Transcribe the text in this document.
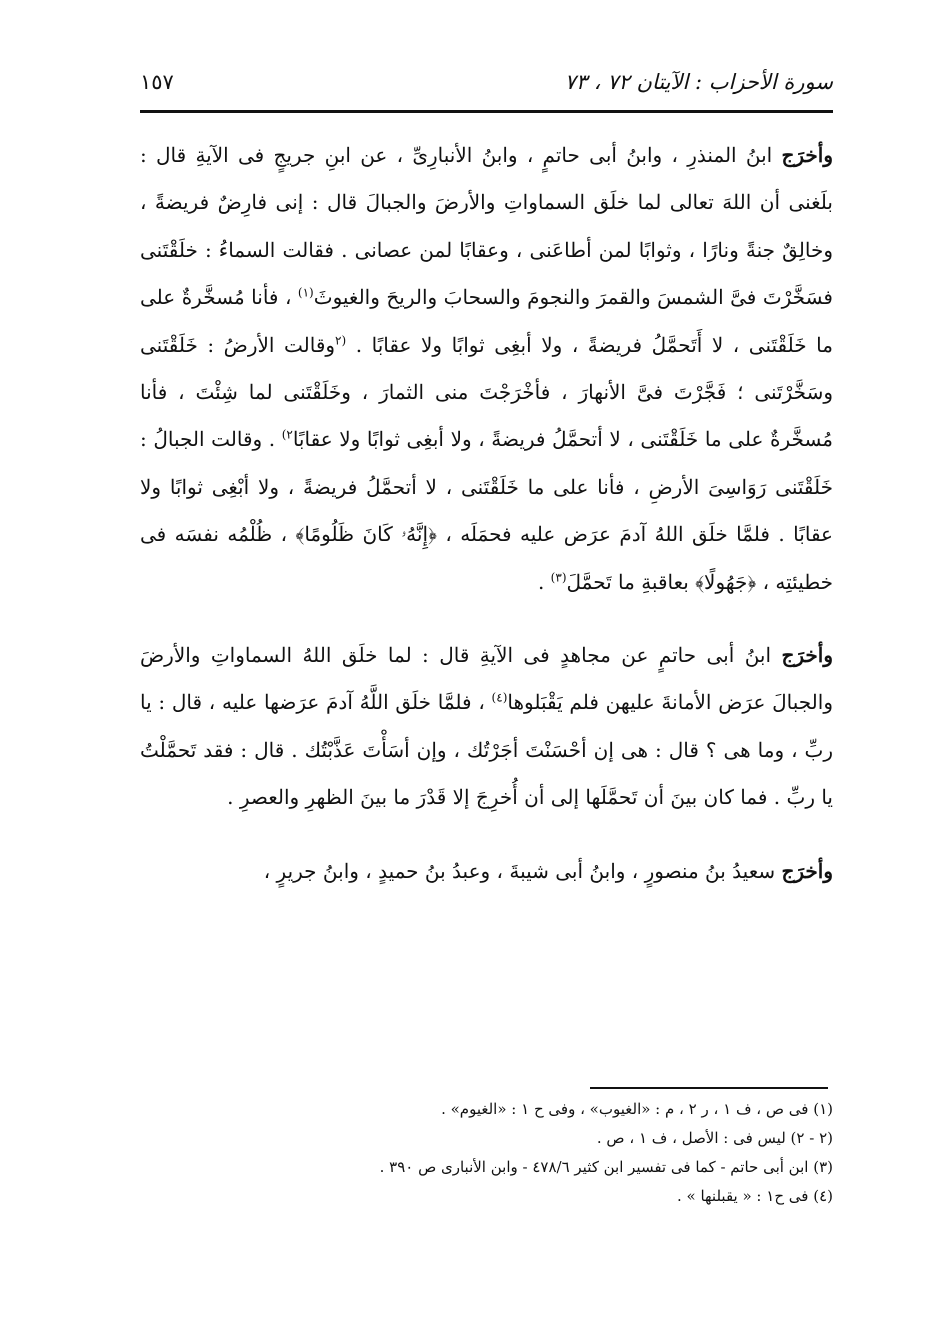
سورة الأحزاب : الآيتان ٧٢ ، ٧٣
١٥٧

وأخرَج ابنُ المنذرِ ، وابنُ أبى حاتمٍ ، وابنُ الأنبارِىِّ ، عن ابنِ جريجٍ فى الآيةِ قال : بلَغنى أن اللهَ تعالى لما خلَق السماواتِ والأرضَ والجبالَ قال : إنى فارِضٌ فريضةً ، وخالِقٌ جنةً ونارًا ، وثوابًا لمن أطاعَنى ، وعقابًا لمن عصانى . فقالت السماءُ : خلَقْتَنى فسَخَّرْتَ فىَّ الشمسَ والقمرَ والنجومَ والسحابَ والريحَ والغيوثَ$^{(١)}$ ، فأنا مُسخَّرةٌ على ما خَلَقْتَنى ، لا أَتَحمَّلُ فريضةً ، ولا أبغِى ثوابًا ولا عقابًا . $^{(٢}$وقالت الأرضُ : خَلَقْتَنى وسَخَّرْتَنى ؛ فَجَّرْتَ فىَّ الأنهارَ ، فأخْرَجْتَ منى الثمارَ ، وخَلَقْتَنى لما شِئْتَ ، فأنا مُسخَّرةٌ على ما خَلَقْتَنى ، لا أتحمَّلُ فريضةً ، ولا أبغِى ثوابًا ولا عقابًا$^{٢)}$ . وقالت الجبالُ : خَلَقْتَنى رَوَاسِىَ الأرضِ ، فأنا على ما خَلَقْتَنى ، لا أتحمَّلُ فريضةً ، ولا أبْغِى ثوابًا ولا عقابًا . فلمَّا خلَق اللهُ آدمَ عرَض عليه فحمَلَه ، ﴿إِنَّهُۥ كَانَ ظَلُومًا﴾ ، ظُلْمُه نفسَه فى خطيئتِه ، ﴿جَهُولًا﴾ بعاقبةِ ما تَحمَّلَ$^{(٣)}$ .

وأخرَج ابنُ أبى حاتمٍ عن مجاهدٍ فى الآيةِ قال : لما خلَق اللهُ السماواتِ والأرضَ والجبالَ عرَض الأمانةَ عليهن فلم يَقْبَلوها$^{(٤)}$ ، فلمَّا خلَق اللَّهُ آدمَ عرَضها عليه ، قال : يا ربِّ ، وما هى ؟ قال : هى إن أحْسَنْتَ أجَرْتُك ، وإن أسَأْتَ عَذَّبْتُك . قال : فقد تَحمَّلْتُ يا ربِّ . فما كان بينَ أن تَحمَّلَها إلى أن أُخرِجَ إلا قَدْرَ ما بينَ الظهرِ والعصرِ .

وأخرَج سعيدُ بنُ منصورٍ ، وابنُ أبى شيبةَ ، وعبدُ بنُ حميدٍ ، وابنُ جريرٍ ،

(١) فى ص ، ف ١ ، ر ٢ ، م : «الغيوب» ، وفى ح ١ : «الغيوم» .

(٢ - ٢) ليس فى : الأصل ، ف ١ ، ص .

(٣) ابن أبى حاتم - كما فى تفسير ابن كثير ٤٧٨/٦ - وابن الأنبارى ص ٣٩٠ .

(٤) فى ح١ : « يقبلنها » .
